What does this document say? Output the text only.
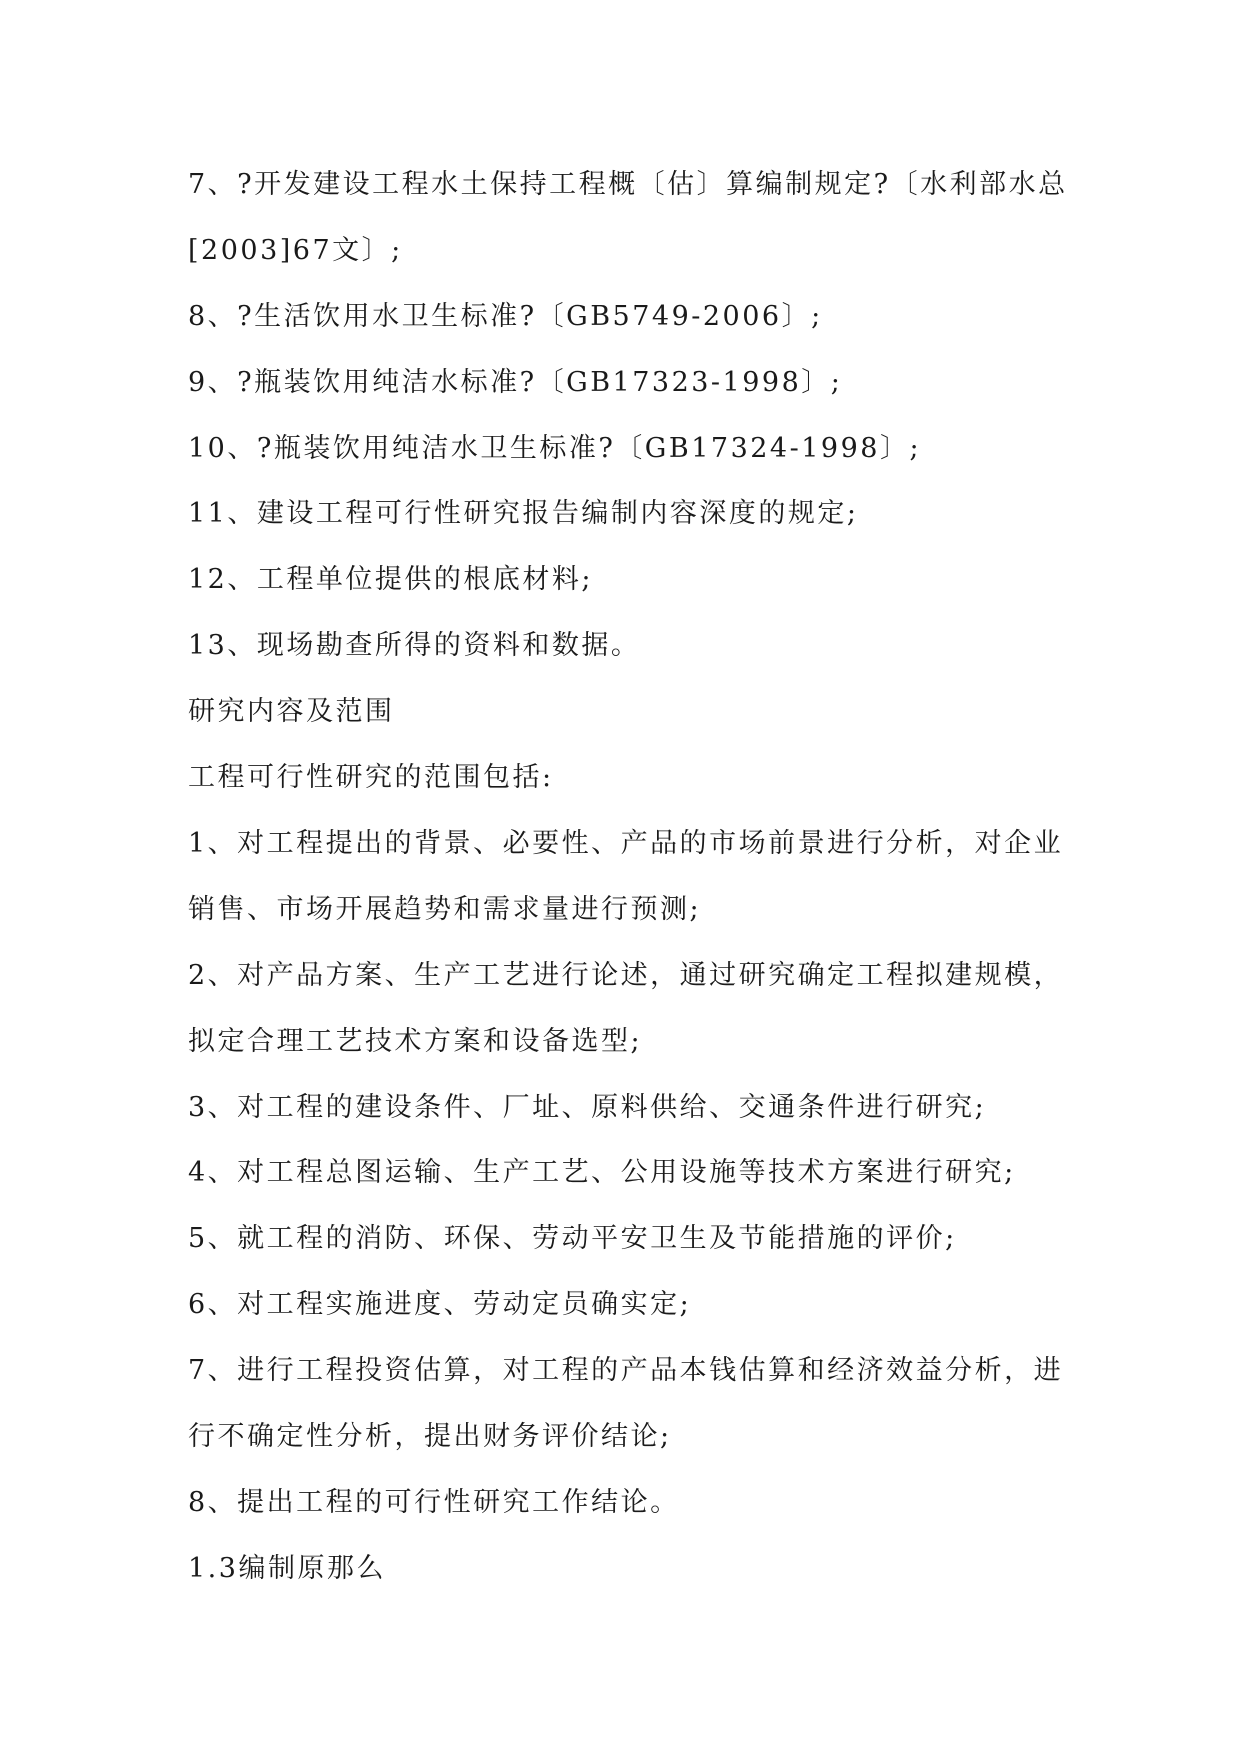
7、?开发建设工程水土保持工程概〔估〕算编制规定?〔水利部水总
[2003]67文〕;
8、?生活饮用水卫生标准?〔GB5749-2006〕;
9、?瓶装饮用纯洁水标准?〔GB17323-1998〕;
10、?瓶装饮用纯洁水卫生标准?〔GB17324-1998〕;
11、建设工程可行性研究报告编制内容深度的规定;
12、工程单位提供的根底材料;
13、现场勘查所得的资料和数据。
研究内容及范围
工程可行性研究的范围包括:
1、对工程提出的背景、必要性、产品的市场前景进行分析，对企业
销售、市场开展趋势和需求量进行预测;
2、对产品方案、生产工艺进行论述，通过研究确定工程拟建规模，
拟定合理工艺技术方案和设备选型;
3、对工程的建设条件、厂址、原料供给、交通条件进行研究;
4、对工程总图运输、生产工艺、公用设施等技术方案进行研究;
5、就工程的消防、环保、劳动平安卫生及节能措施的评价;
6、对工程实施进度、劳动定员确实定;
7、进行工程投资估算，对工程的产品本钱估算和经济效益分析，进
行不确定性分析，提出财务评价结论;
8、提出工程的可行性研究工作结论。
1.3编制原那么
